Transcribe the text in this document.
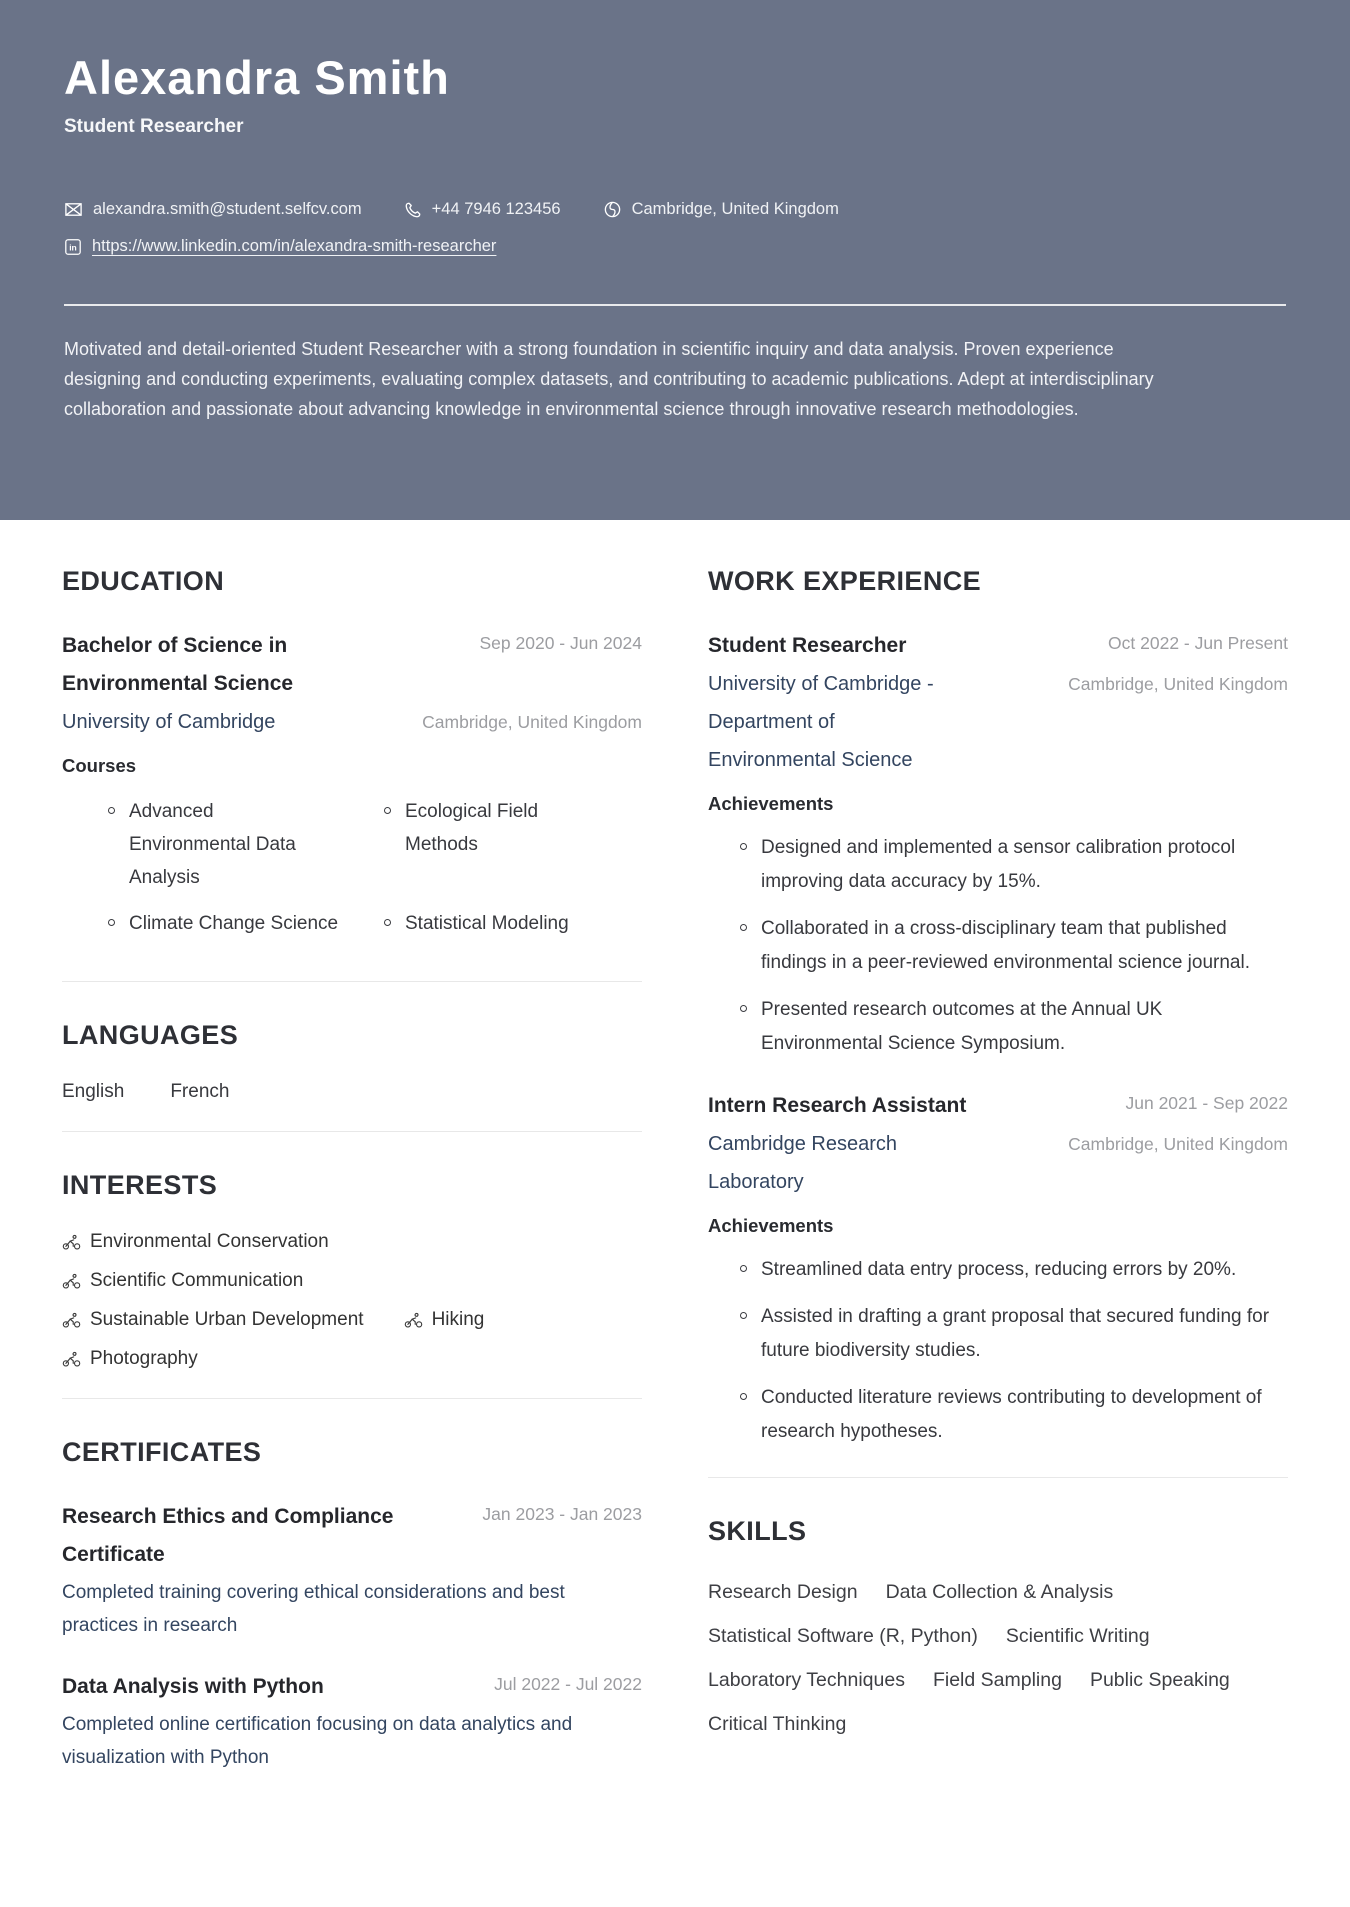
Alexandra Smith
Student Researcher
alexandra.smith@student.selfcv.com	+44 7946 123456	Cambridge, United Kingdom
in https://www.linkedin.com/in/alexandra-smith-researcher

Motivated and detail-oriented Student Researcher with a strong foundation in scientific inquiry and data analysis. Proven experience designing and conducting experiments, evaluating complex datasets, and contributing to academic publications. Adept at interdisciplinary collaboration and passionate about advancing knowledge in environmental science through innovative research methodologies.

EDUCATION
Bachelor of Science in Environmental Science
Sep 2020 - Jun 2024
University of Cambridge	Cambridge, United Kingdom
Courses
Advanced Environmental Data Analysis
Ecological Field Methods
Climate Change Science	Statistical Modeling
LANGUAGES
English French
INTERESTS
Environmental Conservation
Scientific Communication
Sustainable Urban Development	Hiking
Photography
CERTIFICATES
Research Ethics and Compliance Certificate
Jan 2023 - Jan 2023
Completed training covering ethical considerations and best practices in research
Data Analysis with Python	Jul 2022 - Jul 2022
Completed online certification focusing on data analytics and visualization with Python
WORK EXPERIENCE
Student Researcher	Oct 2022 - Jun Present
University of Cambridge - Department of Environmental Science
Cambridge, United Kingdom
Achievements
Designed and implemented a sensor calibration protocol improving data accuracy by 15%.
Collaborated in a cross-disciplinary team that published findings in a peer-reviewed environmental science journal.
Presented research outcomes at the Annual UK Environmental Science Symposium.
Intern Research Assistant	Jun 2021 - Sep 2022
Cambridge Research Laboratory
Cambridge, United Kingdom
Achievements
Streamlined data entry process, reducing errors by 20%.
Assisted in drafting a grant proposal that secured funding for future biodiversity studies.
Conducted literature reviews contributing to development of research hypotheses.
SKILLS
Research Design Data Collection & Analysis
Statistical Software (R, Python) Scientific Writing
Laboratory Techniques Field Sampling Public Speaking
Critical Thinking
